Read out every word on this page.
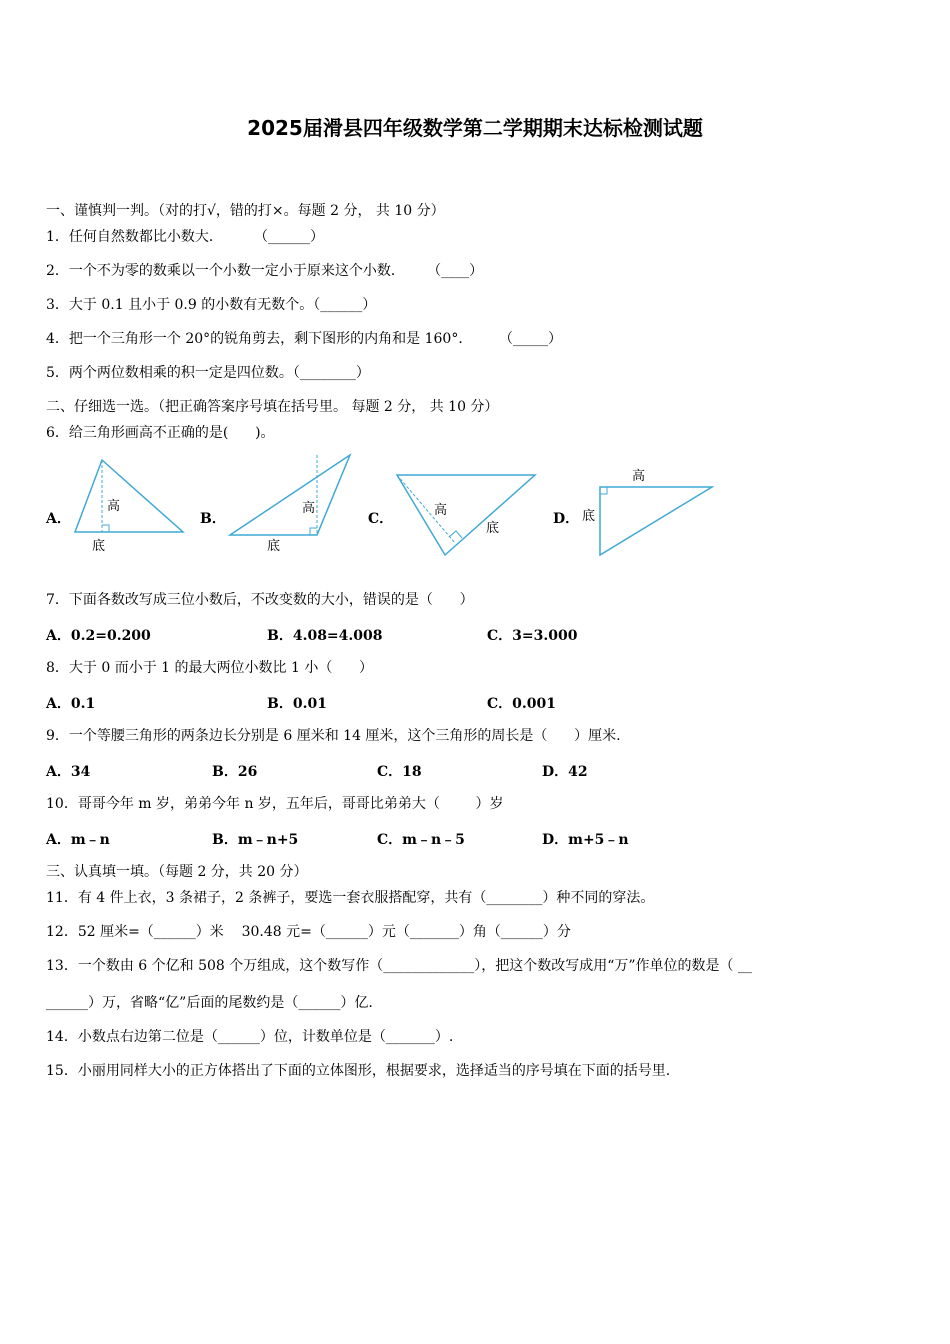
2025届滑县四年级数学第二学期期末达标检测试题
一、谨慎判一判。（对的打√，错的打×。每题 2 分， 共 10 分）
1．任何自然数都比小数大．       （______）
2．一个不为零的数乘以一个小数一定小于原来这个小数．     （____）
3．大于 0.1 且小于 0.9 的小数有无数个。（______）
4．把一个三角形一个 20°的锐角剪去，剩下图形的内角和是 160°．      （_____）
5．两个两位数相乘的积一定是四位数。（________）
二、仔细选一选。（把正确答案序号填在括号里。 每题 2 分， 共 10 分）
6．给三角形画高不正确的是(      )。
A．
高
底
B．
高
底
C．
高
底
D．
高
底
7．下面各数改写成三位小数后，不改变数的大小，错误的是（      ）
A．0.2=0.200	B．4.08=4.008	C．3=3.000
8．大于 0 而小于 1 的最大两位小数比 1 小（      ）
A．0.1	B．0.01	C．0.001
9．一个等腰三角形的两条边长分别是 6 厘米和 14 厘米，这个三角形的周长是（      ）厘米.
A．34	B．26	C．18	D．42
10．哥哥今年 m 岁，弟弟今年 n 岁，五年后，哥哥比弟弟大（        ）岁
A．m﹣n	B．m﹣n+5	C．m﹣n﹣5	D．m+5﹣n
三、认真填一填。（每题 2 分，共 20 分）
11．有 4 件上衣，3 条裙子，2 条裤子，要选一套衣服搭配穿，共有（________）种不同的穿法。
12．52 厘米=（______）米    30.48 元=（______）元（_______）角（______）分
13．一个数由 6 个亿和 508 个万组成，这个数写作（_____________），把这个数改写成用“万”作单位的数是（ __
______）万，省略“亿”后面的尾数约是（______）亿.
14．小数点右边第二位是（______）位，计数单位是（_______）.
15．小丽用同样大小的正方体搭出了下面的立体图形，根据要求，选择适当的序号填在下面的括号里.
